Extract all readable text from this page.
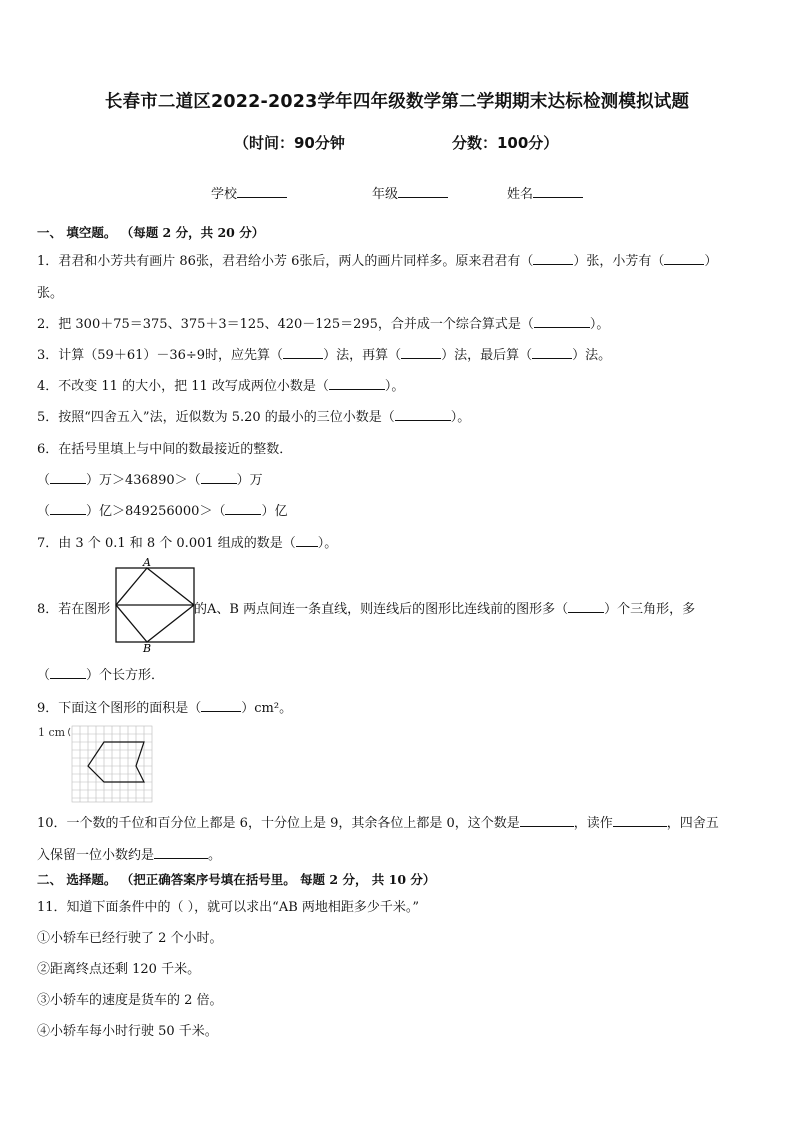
长春市二道区2022-2023学年四年级数学第二学期期末达标检测模拟试题
（时间：90分钟	分数：100分）
学校	年级	姓名
一、 填空题。 （每题 2 分，共 20 分）
1．君君和小芳共有画片 86张，君君给小芳 6张后，两人的画片同样多。原来君君有（	）张，小芳有（	）
张。
2．把 300＋75＝375、375＋3＝125、420－125＝295，合并成一个综合算式是（	）。
3．计算（59＋61）－36÷9时，应先算（	）法，再算（	）法，最后算（	）法。
4．不改变 11 的大小，把 11 改写成两位小数是（	）。
5．按照“四舍五入”法，近似数为 5.20 的最小的三位小数是（	）。
6．在括号里填上与中间的数最接近的整数．
（	）万＞436890＞（	）万
（	）亿＞849256000＞（	）亿
7．由 3 个 0.1 和 8 个 0.001 组成的数是（ ）。
A
B
8．若在图形	的A、B 两点间连一条直线，则连线后的图形比连线前的图形多（	）个三角形，多
（	）个长方形．
9．下面这个图形的面积是（	）cm²。
1 cm
10．一个数的千位和百分位上都是 6，十分位上是 9，其余各位上都是 0，这个数是	，读作	，四舍五
入保留一位小数约是	。
二、 选择题。 （把正确答案序号填在括号里。 每题 2 分， 共 10 分）
11．知道下面条件中的（ ），就可以求出“AB 两地相距多少千米。”
①小轿车已经行驶了 2 个小时。
②距离终点还剩 120 千米。
③小轿车的速度是货车的 2 倍。
④小轿车每小时行驶 50 千米。
